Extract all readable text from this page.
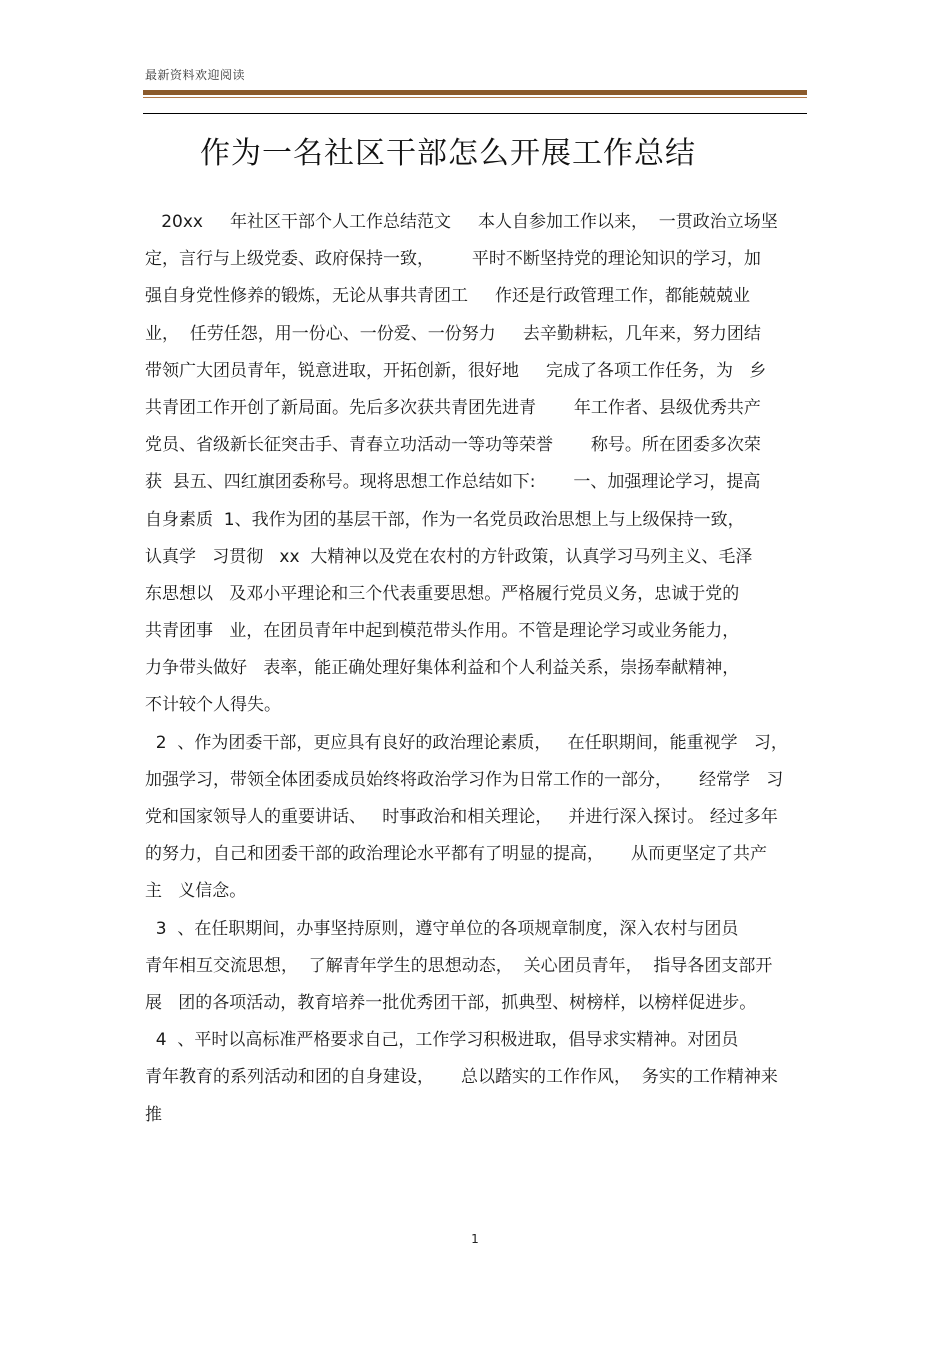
最新资料欢迎阅读
作为一名社区干部怎么开展工作总结
20xx     年社区干部个人工作总结范文     本人自参加工作以来，  一贯政治立场坚
定，言行与上级党委、政府保持一致，       平时不断坚持党的理论知识的学习，加
强自身党性修养的锻炼，无论从事共青团工     作还是行政管理工作，都能兢兢业
业，  任劳任怨，用一份心、一份爱、一份努力     去辛勤耕耘，几年来，努力团结
带领广大团员青年，锐意进取，开拓创新，很好地     完成了各项工作任务，为   乡
共青团工作开创了新局面。先后多次获共青团先进青       年工作者、县级优秀共产
党员、省级新长征突击手、青春立功活动一等功等荣誉       称号。所在团委多次荣
获  县五、四红旗团委称号。现将思想工作总结如下:       一、加强理论学习，提高
自身素质  1、我作为团的基层干部，作为一名党员政治思想上与上级保持一致，
认真学   习贯彻   xx  大精神以及党在农村的方针政策，认真学习马列主义、毛泽
东思想以   及邓小平理论和三个代表重要思想。严格履行党员义务，忠诚于党的
共青团事   业，在团员青年中起到模范带头作用。不管是理论学习或业务能力，
力争带头做好   表率，能正确处理好集体利益和个人利益关系，崇扬奉献精神，
不计较个人得失。
2  、作为团委干部，更应具有良好的政治理论素质，   在任职期间，能重视学   习，
加强学习，带领全体团委成员始终将政治学习作为日常工作的一部分，     经常学   习
党和国家领导人的重要讲话、   时事政治和相关理论，   并进行深入探讨。 经过多年
的努力，自己和团委干部的政治理论水平都有了明显的提高，     从而更坚定了共产
主   义信念。
3  、在任职期间，办事坚持原则，遵守单位的各项规章制度，深入农村与团员
青年相互交流思想，  了解青年学生的思想动态，  关心团员青年，  指导各团支部开
展   团的各项活动，教育培养一批优秀团干部，抓典型、树榜样，以榜样促进步。
4  、平时以高标准严格要求自己，工作学习积极进取，倡导求实精神。对团员
青年教育的系列活动和团的自身建设，     总以踏实的工作作风，  务实的工作精神来
推
1
